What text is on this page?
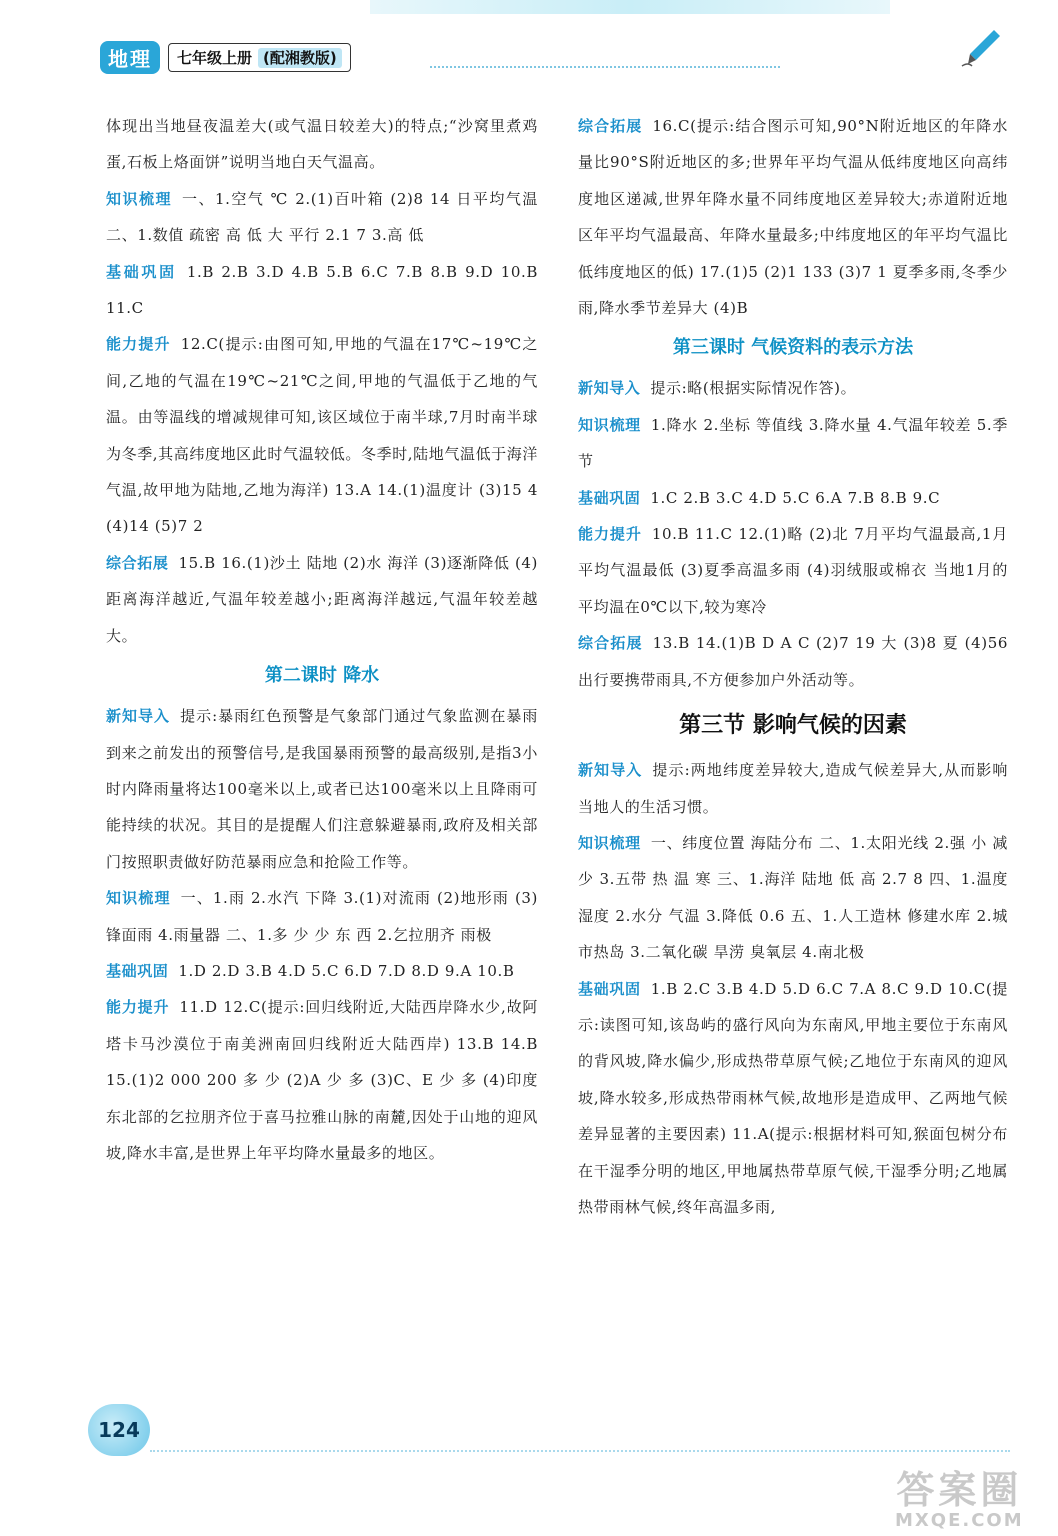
地理	七年级上册 (配湘教版)
体现出当地昼夜温差大(或气温日较差大)的特点;“沙窝里煮鸡蛋,石板上烙面饼”说明当地白天气温高。
知识梳理 一、1.空气 ℃ 2.(1)百叶箱 (2)8 14 日平均气温 二、1.数值 疏密 高 低 大 平行 2.1 7 3.高 低
基础巩固 1.B 2.B 3.D 4.B 5.B 6.C 7.B 8.B 9.D 10.B 11.C
能力提升 12.C(提示:由图可知,甲地的气温在17℃~19℃之间,乙地的气温在19℃~21℃之间,甲地的气温低于乙地的气温。由等温线的增减规律可知,该区域位于南半球,7月时南半球为冬季,其高纬度地区此时气温较低。冬季时,陆地气温低于海洋气温,故甲地为陆地,乙地为海洋) 13.A 14.(1)温度计 (3)15 4 (4)14 (5)7 2
综合拓展 15.B 16.(1)沙土 陆地 (2)水 海洋 (3)逐渐降低 (4)距离海洋越近,气温年较差越小;距离海洋越远,气温年较差越大。
第二课时 降水
新知导入 提示:暴雨红色预警是气象部门通过气象监测在暴雨到来之前发出的预警信号,是我国暴雨预警的最高级别,是指3小时内降雨量将达100毫米以上,或者已达100毫米以上且降雨可能持续的状况。其目的是提醒人们注意躲避暴雨,政府及相关部门按照职责做好防范暴雨应急和抢险工作等。
知识梳理 一、1.雨 2.水汽 下降 3.(1)对流雨 (2)地形雨 (3)锋面雨 4.雨量器 二、1.多 少 少 东 西 2.乞拉朋齐 雨极
基础巩固 1.D 2.D 3.B 4.D 5.C 6.D 7.D 8.D 9.A 10.B
能力提升 11.D 12.C(提示:回归线附近,大陆西岸降水少,故阿塔卡马沙漠位于南美洲南回归线附近大陆西岸) 13.B 14.B 15.(1)2 000 200 多 少 (2)A 少 多 (3)C、E 少 多 (4)印度东北部的乞拉朋齐位于喜马拉雅山脉的南麓,因处于山地的迎风坡,降水丰富,是世界上年平均降水量最多的地区。
综合拓展 16.C(提示:结合图示可知,90°N附近地区的年降水量比90°S附近地区的多;世界年平均气温从低纬度地区向高纬度地区递减,世界年降水量不同纬度地区差异较大;赤道附近地区年平均气温最高、年降水量最多;中纬度地区的年平均气温比低纬度地区的低) 17.(1)5 (2)1 133 (3)7 1 夏季多雨,冬季少雨,降水季节差异大 (4)B
第三课时 气候资料的表示方法
新知导入 提示:略(根据实际情况作答)。
知识梳理 1.降水 2.坐标 等值线 3.降水量 4.气温年较差 5.季节
基础巩固 1.C 2.B 3.C 4.D 5.C 6.A 7.B 8.B 9.C
能力提升 10.B 11.C 12.(1)略 (2)北 7月平均气温最高,1月平均气温最低 (3)夏季高温多雨 (4)羽绒服或棉衣 当地1月的平均温在0℃以下,较为寒冷
综合拓展 13.B 14.(1)B D A C (2)7 19 大 (3)8 夏 (4)56 出行要携带雨具,不方便参加户外活动等。
第三节 影响气候的因素
新知导入 提示:两地纬度差异较大,造成气候差异大,从而影响当地人的生活习惯。
知识梳理 一、纬度位置 海陆分布 二、1.太阳光线 2.强 小 减少 3.五带 热 温 寒 三、1.海洋 陆地 低 高 2.7 8 四、1.温度 湿度 2.水分 气温 3.降低 0.6 五、1.人工造林 修建水库 2.城市热岛 3.二氧化碳 旱涝 臭氧层 4.南北极
基础巩固 1.B 2.C 3.B 4.D 5.D 6.C 7.A 8.C 9.D 10.C(提示:读图可知,该岛屿的盛行风向为东南风,甲地主要位于东南风的背风坡,降水偏少,形成热带草原气候;乙地位于东南风的迎风坡,降水较多,形成热带雨林气候,故地形是造成甲、乙两地气候差异显著的主要因素) 11.A(提示:根据材料可知,猴面包树分布在干湿季分明的地区,甲地属热带草原气候,干湿季分明;乙地属热带雨林气候,终年高温多雨,
124
答案圈
MXQE.COM
